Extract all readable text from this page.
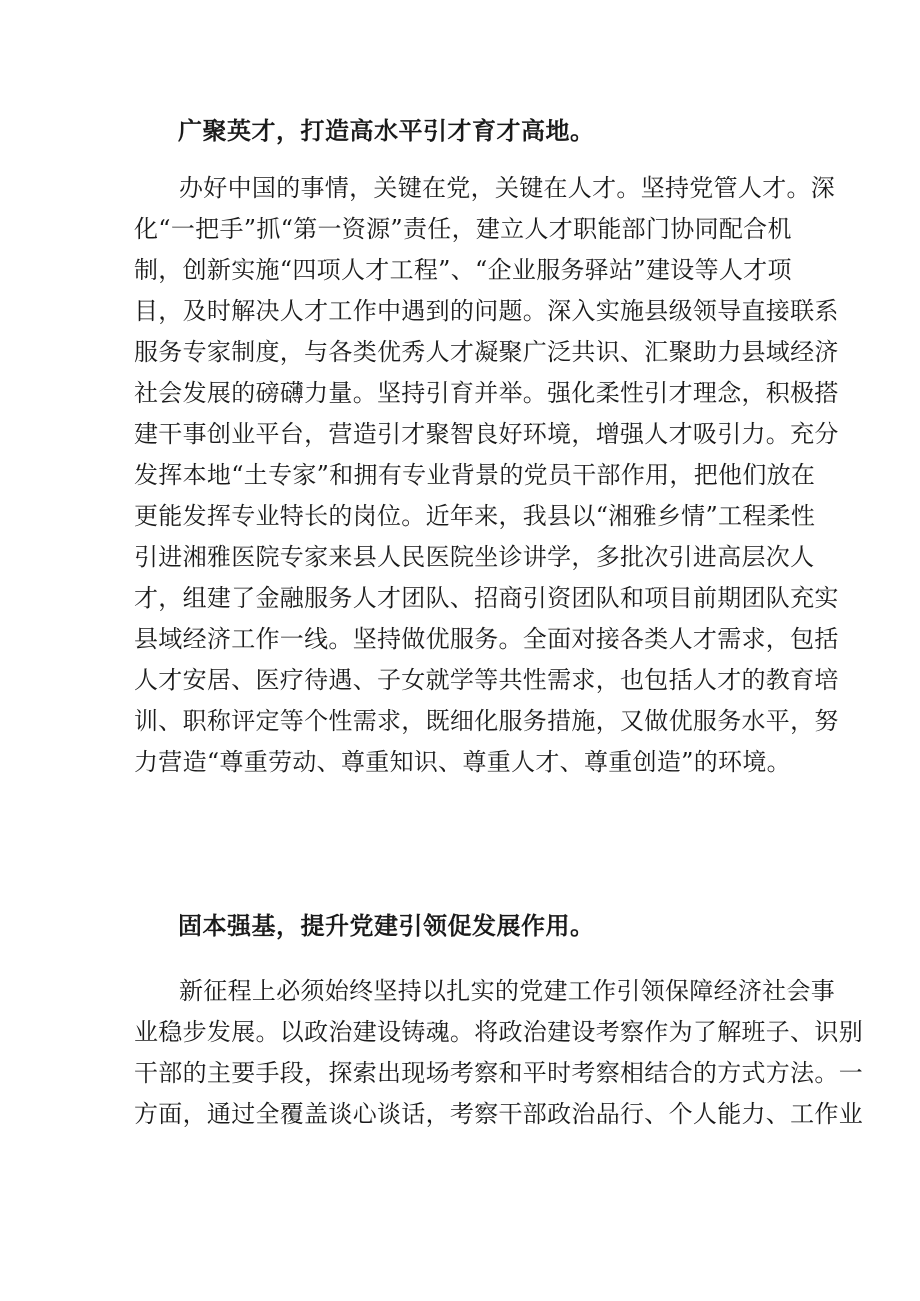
广聚英才，打造高水平引才育才高地。
办好中国的事情，关键在党，关键在人才。坚持党管人才。深
化“一把手”抓“第一资源”责任，建立人才职能部门协同配合机
制，创新实施“四项人才工程”、“企业服务驿站”建设等人才项
目，及时解决人才工作中遇到的问题。深入实施县级领导直接联系
服务专家制度，与各类优秀人才凝聚广泛共识、汇聚助力县域经济
社会发展的磅礴力量。坚持引育并举。强化柔性引才理念，积极搭
建干事创业平台，营造引才聚智良好环境，增强人才吸引力。充分
发挥本地“土专家”和拥有专业背景的党员干部作用，把他们放在
更能发挥专业特长的岗位。近年来，我县以“湘雅乡情”工程柔性
引进湘雅医院专家来县人民医院坐诊讲学，多批次引进高层次人
才，组建了金融服务人才团队、招商引资团队和项目前期团队充实
县域经济工作一线。坚持做优服务。全面对接各类人才需求，包括
人才安居、医疗待遇、子女就学等共性需求，也包括人才的教育培
训、职称评定等个性需求，既细化服务措施，又做优服务水平，努
力营造“尊重劳动、尊重知识、尊重人才、尊重创造”的环境。
固本强基，提升党建引领促发展作用。
新征程上必须始终坚持以扎实的党建工作引领保障经济社会事
业稳步发展。以政治建设铸魂。将政治建设考察作为了解班子、识别
干部的主要手段，探索出现场考察和平时考察相结合的方式方法。一
方面，通过全覆盖谈心谈话，考察干部政治品行、个人能力、工作业
